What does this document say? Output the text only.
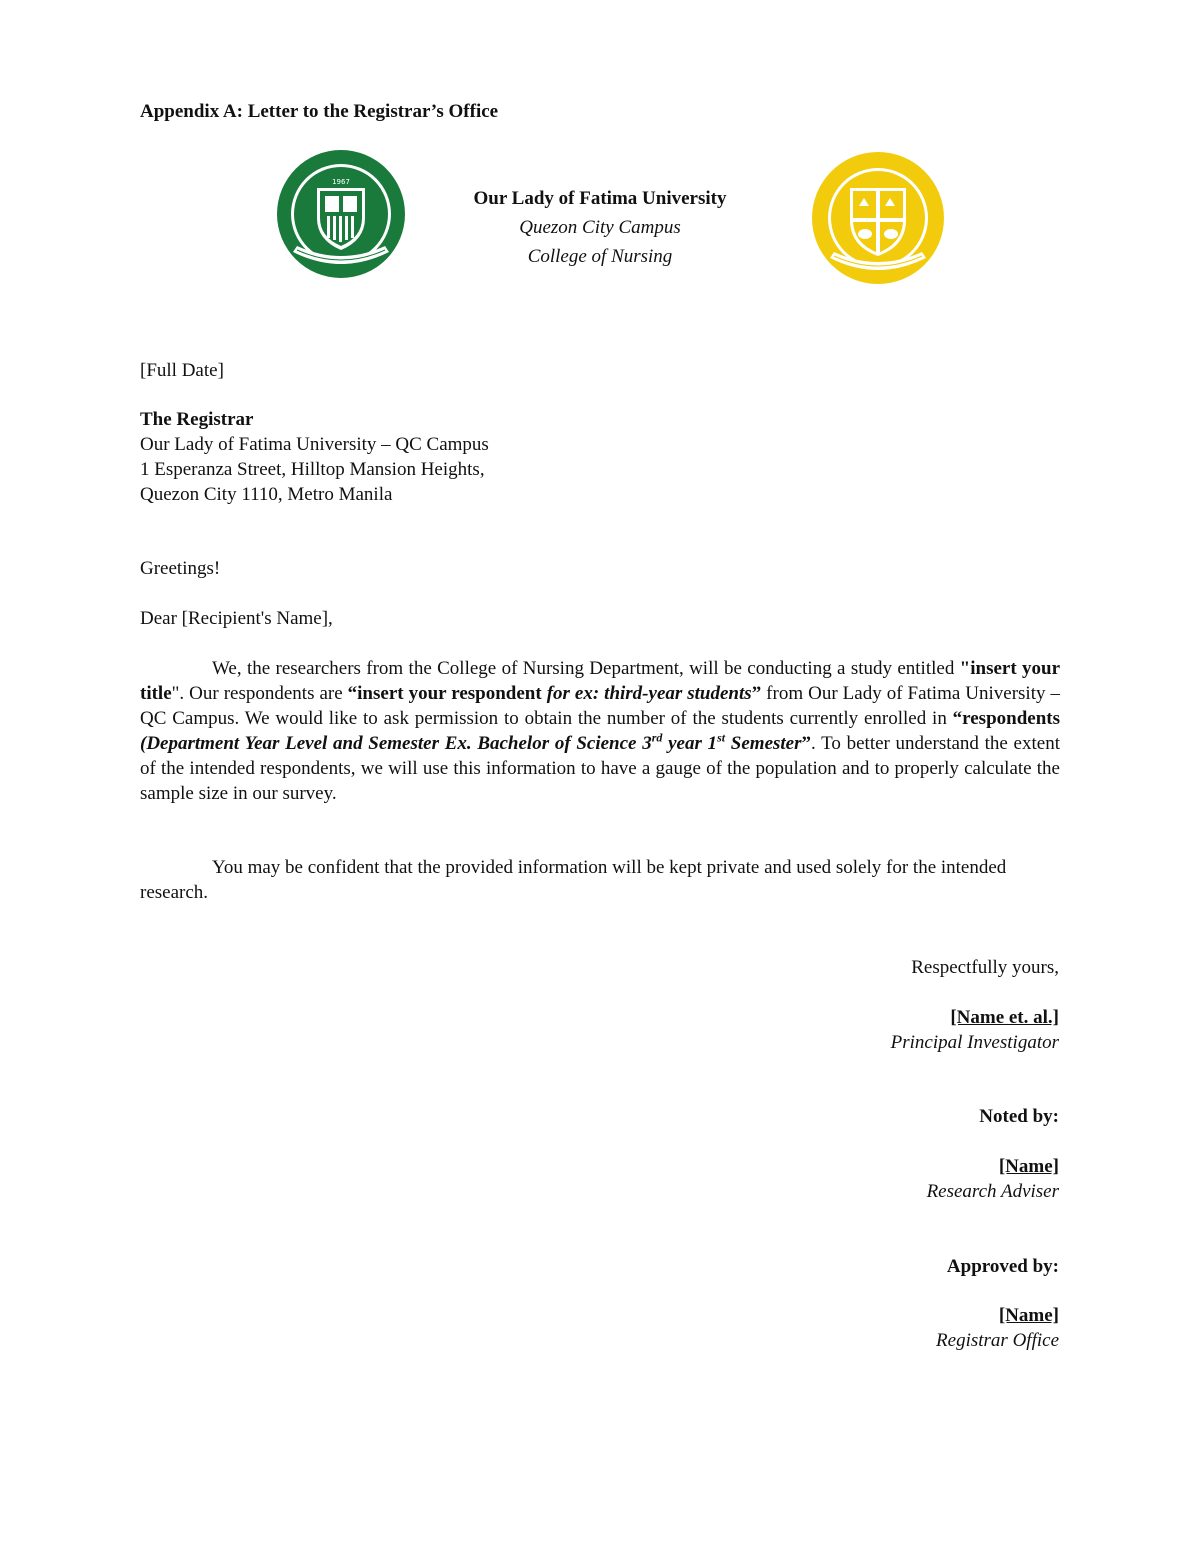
Appendix A: Letter to the Registrar’s Office
1967
Our Lady of Fatima University
Quezon City Campus
College of Nursing
[Full Date]
The Registrar
Our Lady of Fatima University – QC Campus
1 Esperanza Street, Hilltop Mansion Heights,
Quezon City 1110, Metro Manila
Greetings!
Dear [Recipient's Name],
We, the researchers from the College of Nursing Department, will be conducting a study entitled "insert your title". Our respondents are “insert your respondent for ex: third-year students” from Our Lady of Fatima University – QC Campus. We would like to ask permission to obtain the number of the students currently enrolled in “respondents (Department Year Level and Semester Ex. Bachelor of Science 3rd year 1st Semester”. To better understand the extent of the intended respondents, we will use this information to have a gauge of the population and to properly calculate the sample size in our survey.
You may be confident that the provided information will be kept private and used solely for the intended research.
Respectfully yours,
[Name et. al.]
Principal Investigator
Noted by:
[Name]
Research Adviser
Approved by:
[Name]
Registrar Office
